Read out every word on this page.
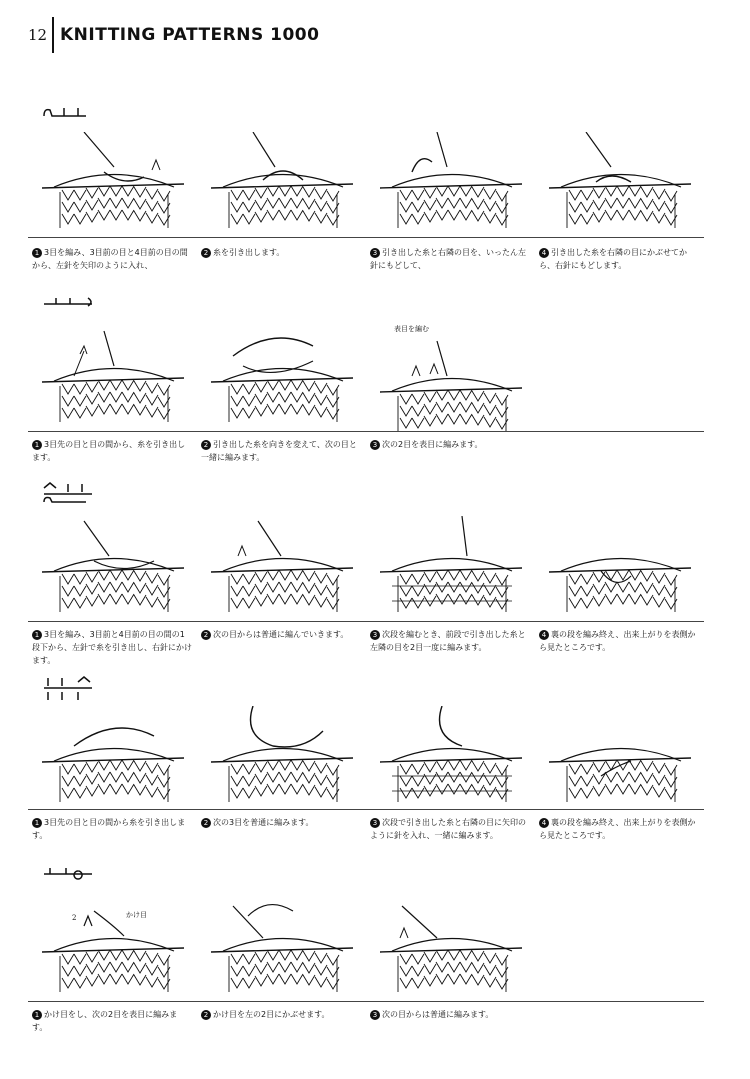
12 KNITTING PATTERNS 1000
1 3目を編み、3目前の目と4目前の目の間から、左針を矢印のように入れ、
2 糸を引き出します。	3 引き出した糸と右隣の目を、いったん左針にもどして、
4 引き出した糸を右隣の目にかぶせてから、右針にもどします。
表目を編む
1 3目先の目と目の間から、糸を引き出します。
2 引き出した糸を向きを変えて、次の目と一緒に編みます。
3 次の2目を表目に編みます。
1 3目を編み、3目前と4目前の目の間の1段下から、左針で糸を引き出し、右針にかけます。
2 次の目からは普通に編んでいきます。	3 次段を編むとき、前段で引き出した糸と左隣の目を2目一度に編みます。
4 裏の段を編み終え、出来上がりを表側から見たところです。
1 3目先の目と目の間から糸を引き出します。
2 次の3目を普通に編みます。	3 次段で引き出した糸と右隣の目に矢印のように針を入れ、一緒に編みます。
4 裏の段を編み終え、出来上がりを表側から見たところです。
かけ目
2
1 かけ目をし、次の2目を表目に編みます。
2 かけ目を左の2目にかぶせます。	3 次の目からは普通に編みます。
